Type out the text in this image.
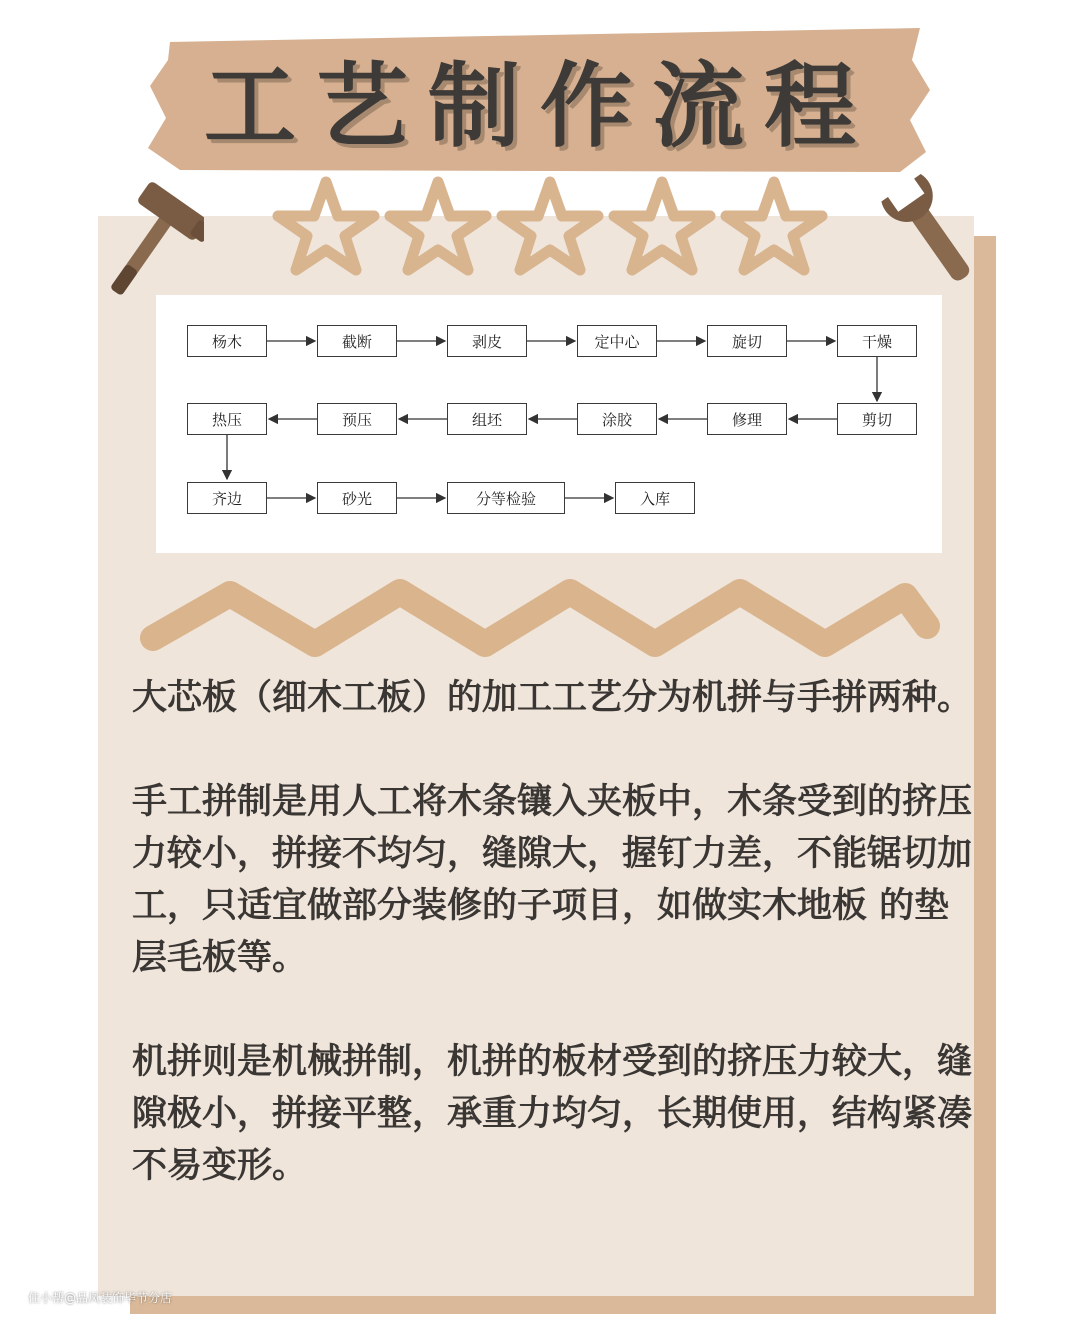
工艺制作流程
杨木	截断	剥皮	定中心	旋切	干燥
热压	预压	组坯	涂胶	修理	剪切
齐边	砂光	分等检验	入库

大芯板（细木工板）的加工工艺分为机拼与手拼两种。

手工拼制是用人工将木条镶入夹板中，木条受到的挤压力较小，拼接不均匀，缝隙大，握钉力差，不能锯切加工，只适宜做部分装修的子项目，如做实木地板 的垫层毛板等。

机拼则是机械拼制，机拼的板材受到的挤压力较大，缝隙极小，拼接平整，承重力均匀，长期使用，结构紧凑不易变形。

住小帮@品凤装饰毕节分店
